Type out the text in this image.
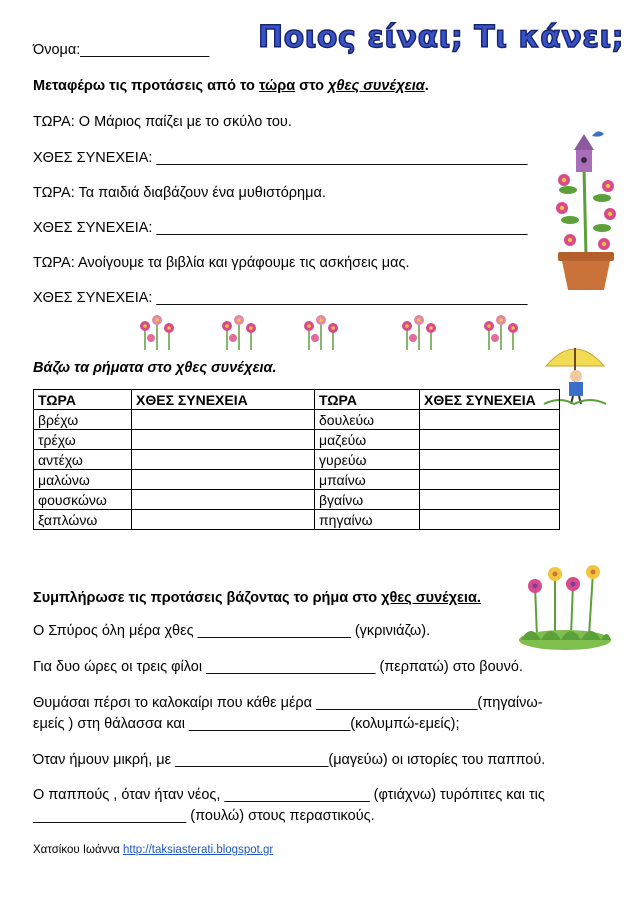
Όνομα:________________ Ποιος είναι; Τι κάνει;
Μεταφέρω τις προτάσεις από το τώρα στο χθες συνέχεια.
ΤΩΡΑ: Ο Μάριος παίζει με το σκύλο του.
ΧΘΕΣ ΣΥΝΕΧΕΙΑ: ______________________________________________
ΤΩΡΑ: Τα παιδιά διαβάζουν ένα μυθιστόρημα.
ΧΘΕΣ ΣΥΝΕΧΕΙΑ: ______________________________________________
ΤΩΡΑ: Ανοίγουμε τα βιβλία και γράφουμε τις ασκήσεις μας.
ΧΘΕΣ ΣΥΝΕΧΕΙΑ: ______________________________________________
Βάζω τα ρήματα στο χθες συνέχεια.
ΤΩΡΑ	ΧΘΕΣ ΣΥΝΕΧΕΙΑ	ΤΩΡΑ	ΧΘΕΣ ΣΥΝΕΧΕΙΑ
βρέχω		δουλεύω	
τρέχω		μαζεύω	
αντέχω		γυρεύω	
μαλώνω		μπαίνω	
φουσκώνω		βγαίνω	
ξαπλώνω		πηγαίνω	
Συμπλήρωσε τις προτάσεις βάζοντας το ρήμα στο χθες συνέχεια.
Ο Σπύρος όλη μέρα χθες ___________________ (γκρινιάζω).
Για δυο ώρες οι τρεις φίλοι _____________________ (περπατώ) στο βουνό.
Θυμάσαι πέρσι το καλοκαίρι που κάθε μέρα ____________________(πηγαίνω-
εμείς ) στη θάλασσα και ____________________(κολυμπώ-εμείς);
Όταν ήμουν μικρή, με ___________________(μαγεύω) οι ιστορίες του παππού.
Ο παππούς , όταν ήταν νέος, __________________ (φτιάχνω) τυρόπιτες και τις
___________________ (πουλώ) στους περαστικούς.
Χατσίκου Ιωάννα http://taksiasterati.blogspot.gr
